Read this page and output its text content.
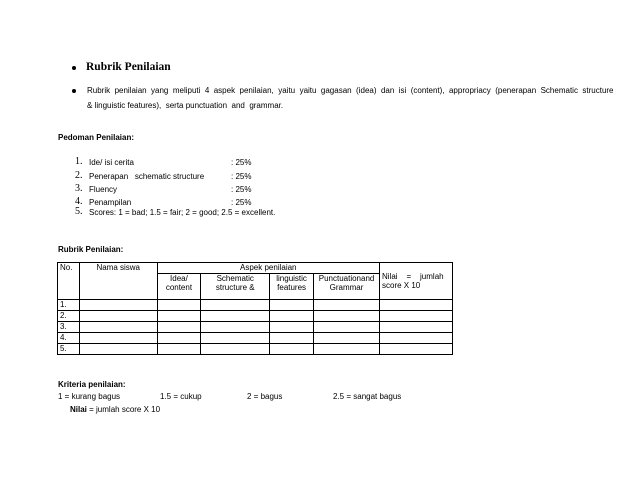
Rubrik Penilaian
Rubrik  penilaian  yang  meliputi  4  aspek  penilaian,  yaitu  yaitu  gagasan  (idea)  dan  isi  (content),  appropriacy  (penerapan  Schematic  structure
& linguistic features),  serta punctuation  and  grammar.
Pedoman Penilaian:
1. Ide/ isi cerita	: 25%
2. Penerapan   schematic structure	: 25%
3. Fluency	: 25%
4. Penampilan	: 25%
5. Scores: 1 = bad; 1.5 = fair; 2 = good; 2.5 = excellent.
Rubrik Penilaian:
No.	Nama siswa	Aspek penilaian				Nilai    =    jumlah
score X 10

		Idea/ content	Schematic structure &	linguistic features	Punctuationand Grammar	
1.						
2.						
3.						
4.						
5.						
Kriteria penilaian:
1 = kurang bagus	1.5 = cukup	2 = bagus	2.5 = sangat bagus
Nilai = jumlah score X 10
